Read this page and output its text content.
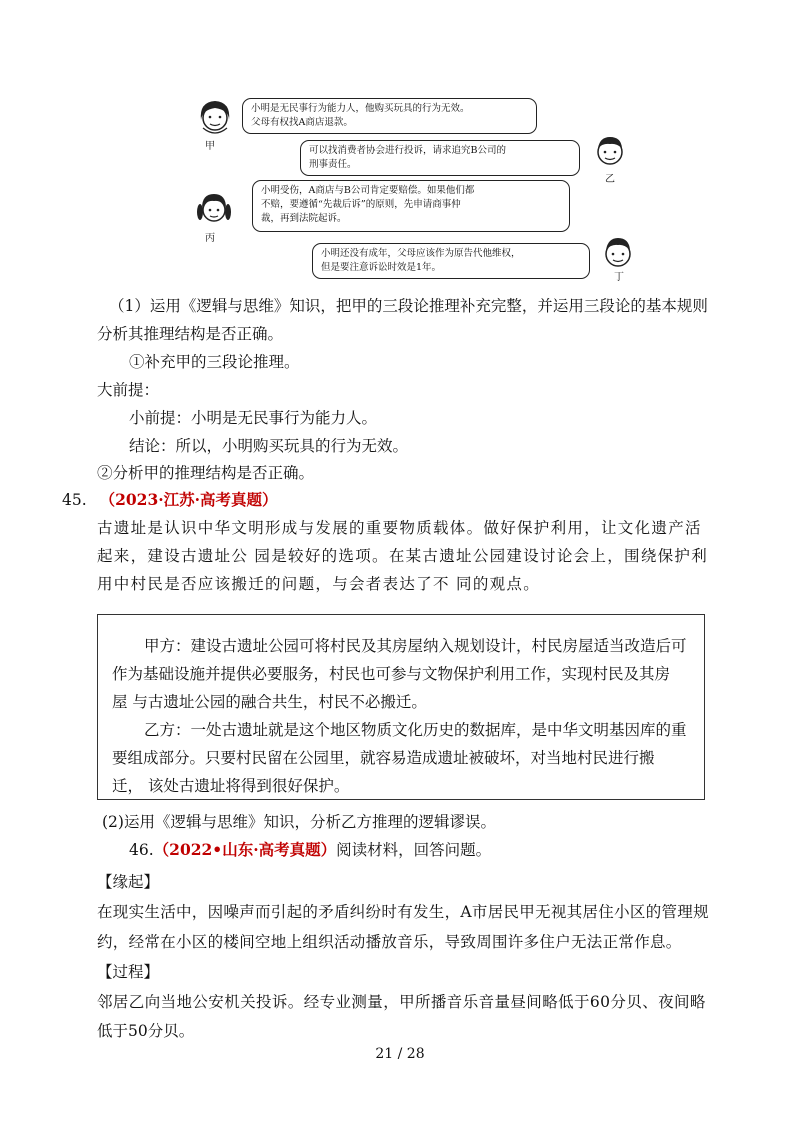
甲
小明是无民事行为能力人，他购买玩具的行为无效。
父母有权找A商店退款。
可以找消费者协会进行投诉，请求追究B公司的
刑事责任。
乙
丙
小明受伤，A商店与B公司肯定要赔偿。如果他们都
不赔，要遵循“先裁后诉”的原则，先申请商事仲
裁，再到法院起诉。
小明还没有成年，父母应该作为原告代他维权，
但是要注意诉讼时效是1年。
丁
（1）运用《逻辑与思维》知识，把甲的三段论推理补充完整，并运用三段论的基本规则
分析其推理结构是否正确。
①补充甲的三段论推理。
大前提：
小前提：小明是无民事行为能力人。
结论：所以，小明购买玩具的行为无效。
②分析甲的推理结构是否正确。
45. （2023·江苏·高考真题）
古遗址是认识中华文明形成与发展的重要物质载体。做好保护利用，让文化遗产活
起来，建设古遗址公 园是较好的选项。在某古遗址公园建设讨论会上，围绕保护利
用中村民是否应该搬迁的问题，与会者表达了不 同的观点。
甲方：建设古遗址公园可将村民及其房屋纳入规划设计，村民房屋适当改造后可
作为基础设施并提供必要服务，村民也可参与文物保护利用工作，实现村民及其房
屋 与古遗址公园的融合共生，村民不必搬迁。
乙方：一处古遗址就是这个地区物质文化历史的数据库，是中华文明基因库的重
要组成部分。只要村民留在公园里，就容易造成遗址被破坏，对当地村民进行搬
迁， 该处古遗址将得到很好保护。
(2)运用《逻辑与思维》知识，分析乙方推理的逻辑谬误。
46.（2022•山东·高考真题）阅读材料，回答问题。
【缘起】
在现实生活中，因噪声而引起的矛盾纠纷时有发生，A市居民甲无视其居住小区的管理规
约，经常在小区的楼间空地上组织活动播放音乐，导致周围许多住户无法正常作息。
【过程】
邻居乙向当地公安机关投诉。经专业测量，甲所播音乐音量昼间略低于60分贝、夜间略
低于50分贝。
21 / 28
